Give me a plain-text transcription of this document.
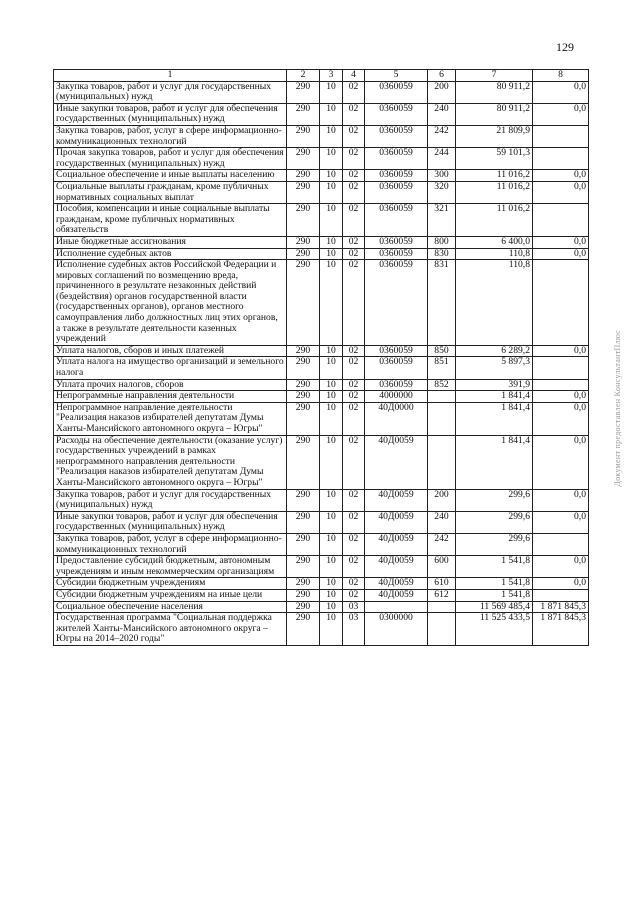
129
1	2	3	4	5	6	7	8
Закупка товаров, работ и услуг для государственных (муниципальных) нужд	290	10	02	0360059	200	80 911,2	0,0
Иные закупки товаров, работ и услуг для обеспечения государственных (муниципальных) нужд	290	10	02	0360059	240	80 911,2	0,0
Закупка товаров, работ, услуг в сфере информационно-коммуникационных технологий	290	10	02	0360059	242	21 809,9	
Прочая закупка товаров, работ и услуг для обеспечения государственных (муниципальных) нужд	290	10	02	0360059	244	59 101,3	
Социальное обеспечение и иные выплаты населению	290	10	02	0360059	300	11 016,2	0,0
Социальные выплаты гражданам, кроме публичных нормативных социальных выплат	290	10	02	0360059	320	11 016,2	0,0
Пособия, компенсации и иные социальные выплаты гражданам, кроме публичных нормативных обязательств	290	10	02	0360059	321	11 016,2	
Иные бюджетные ассигнования	290	10	02	0360059	800	6 400,0	0,0
Исполнение судебных актов	290	10	02	0360059	830	110,8	0,0
Исполнение судебных актов Российской Федерации и мировых соглашений по возмещению вреда, причиненного в результате незаконных действий (бездействия) органов государственной власти (государственных органов), органов местного самоуправления либо должностных лиц этих органов, а также в результате деятельности казенных учреждений	290	10	02	0360059	831	110,8	
Уплата налогов, сборов и иных платежей	290	10	02	0360059	850	6 289,2	0,0
Уплата налога на имущество организаций и земельного налога	290	10	02	0360059	851	5 897,3	
Уплата прочих налогов, сборов	290	10	02	0360059	852	391,9	
Непрограммные направления деятельности	290	10	02	4000000		1 841,4	0,0
Непрограммное направление деятельности "Реализация наказов избирателей депутатам Думы Ханты-Мансийского автономного округа – Югры"	290	10	02	40Д0000		1 841,4	0,0
Расходы на обеспечение деятельности (оказание услуг) государственных учреждений в рамках непрограммного направления деятельности "Реализация наказов избирателей депутатам Думы Ханты-Мансийского автономного округа – Югры"	290	10	02	40Д0059		1 841,4	0,0
Закупка товаров, работ и услуг для государственных (муниципальных) нужд	290	10	02	40Д0059	200	299,6	0,0
Иные закупки товаров, работ и услуг для обеспечения государственных (муниципальных) нужд	290	10	02	40Д0059	240	299,6	0,0
Закупка товаров, работ, услуг в сфере информационно-коммуникационных технологий	290	10	02	40Д0059	242	299,6	
Предоставление субсидий бюджетным, автономным учреждениям и иным некоммерческим организациям	290	10	02	40Д0059	600	1 541,8	0,0
Субсидии бюджетным учреждениям	290	10	02	40Д0059	610	1 541,8	0,0
Субсидии бюджетным учреждениям на иные цели	290	10	02	40Д0059	612	1 541,8	
Социальное обеспечение населения	290	10	03			11 569 485,4	1 871 845,3
Государственная программа "Социальная поддержка жителей Ханты-Мансийского автономного округа – Югры на 2014–2020 годы"	290	10	03	0300000		11 525 433,5	1 871 845,3
Документ предоставлен КонсультантПлюс
